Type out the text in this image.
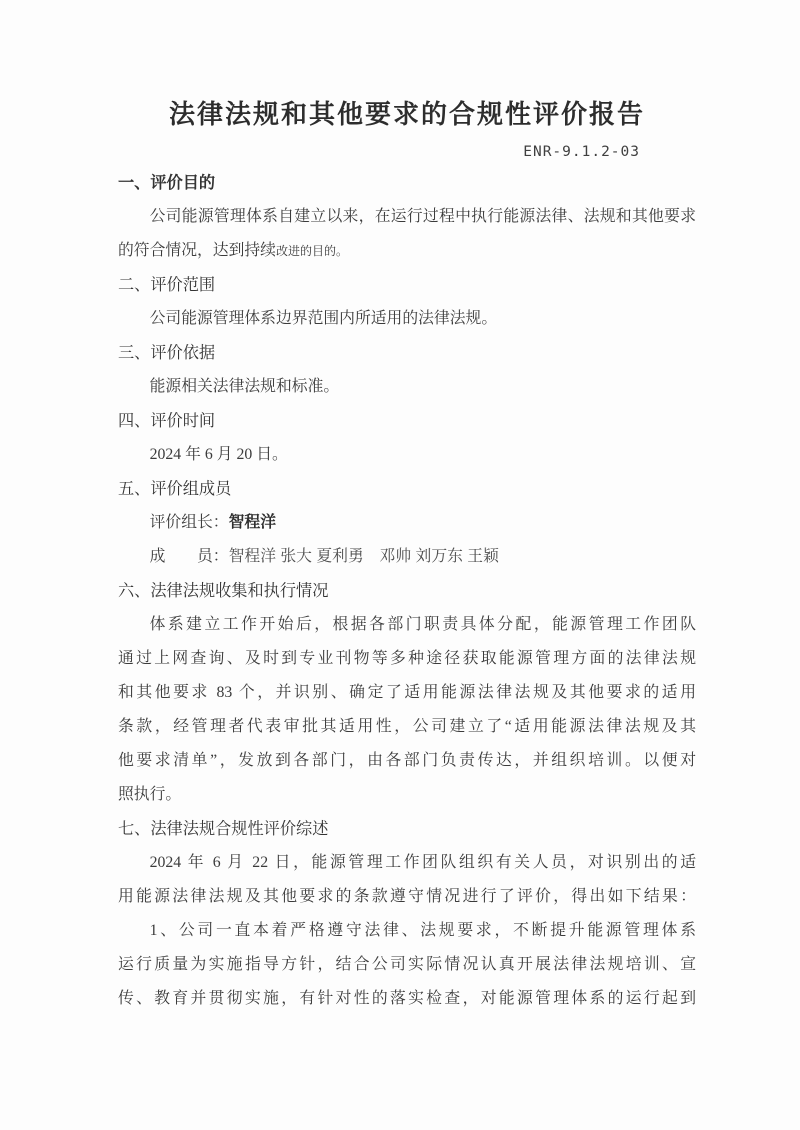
法律法规和其他要求的合规性评价报告
ENR-9.1.2-03
一、评价目的
公司能源管理体系自建立以来，在运行过程中执行能源法律、法规和其他要求
的符合情况，达到持续改进的目的。
二、评价范围
公司能源管理体系边界范围内所适用的法律法规。
三、评价依据
能源相关法律法规和标准。
四、评价时间
2024 年 6 月 20 日。
五、评价组成员
评价组长：智程洋
成　　员：智程洋 张大 夏利勇　邓帅 刘万东 王颖
六、法律法规收集和执行情况
体系建立工作开始后，根据各部门职责具体分配，能源管理工作团队
通过上网查询、及时到专业刊物等多种途径获取能源管理方面的法律法规
和其他要求 83 个，并识别、确定了适用能源法律法规及其他要求的适用
条款，经管理者代表审批其适用性，公司建立了“适用能源法律法规及其
他要求清单”，发放到各部门，由各部门负责传达，并组织培训。以便对
照执行。
七、法律法规合规性评价综述
2024 年 6 月 22 日，能源管理工作团队组织有关人员，对识别出的适
用能源法律法规及其他要求的条款遵守情况进行了评价，得出如下结果：
1、公司一直本着严格遵守法律、法规要求，不断提升能源管理体系
运行质量为实施指导方针，结合公司实际情况认真开展法律法规培训、宣
传、教育并贯彻实施，有针对性的落实检查，对能源管理体系的运行起到
